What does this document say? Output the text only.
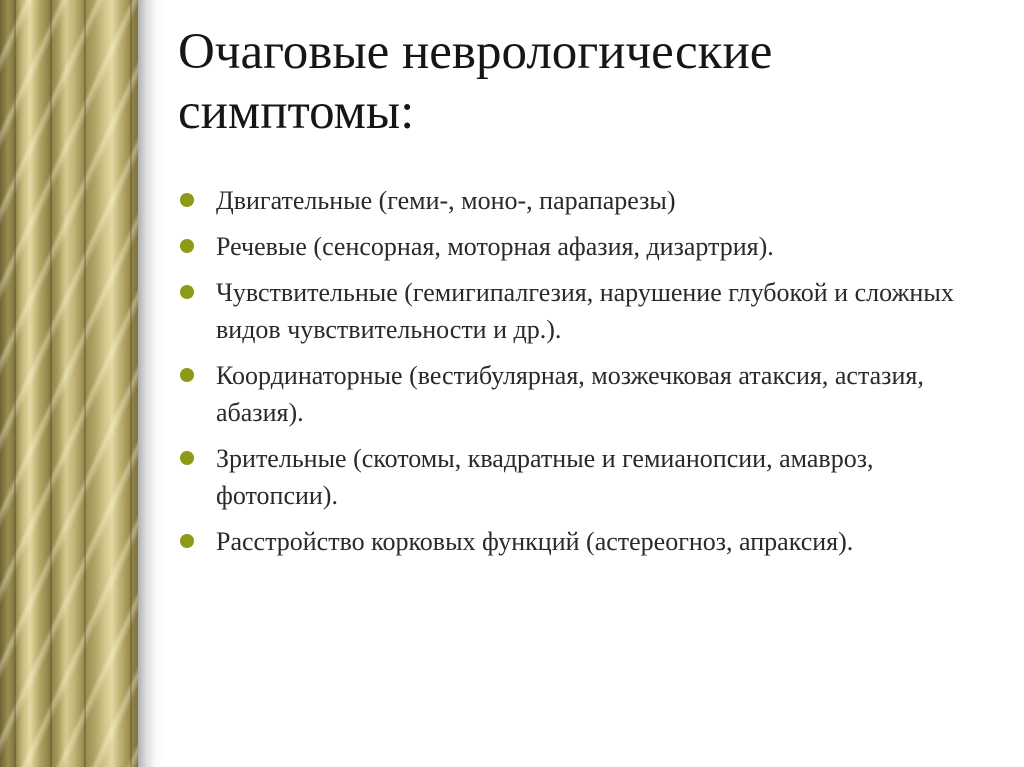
Очаговые неврологические симптомы:
Двигательные (геми-, моно-, парапарезы)
Речевые (сенсорная, моторная афазия, дизартрия).
Чувствительные (гемигипалгезия, нарушение глубокой и сложных видов чувствительности и др.).
Координаторные (вестибулярная, мозжечковая атаксия, астазия, абазия).
Зрительные (скотомы, квадратные и гемианопсии, амавроз, фотопсии).
Расстройство корковых функций (астереогноз, апраксия).
